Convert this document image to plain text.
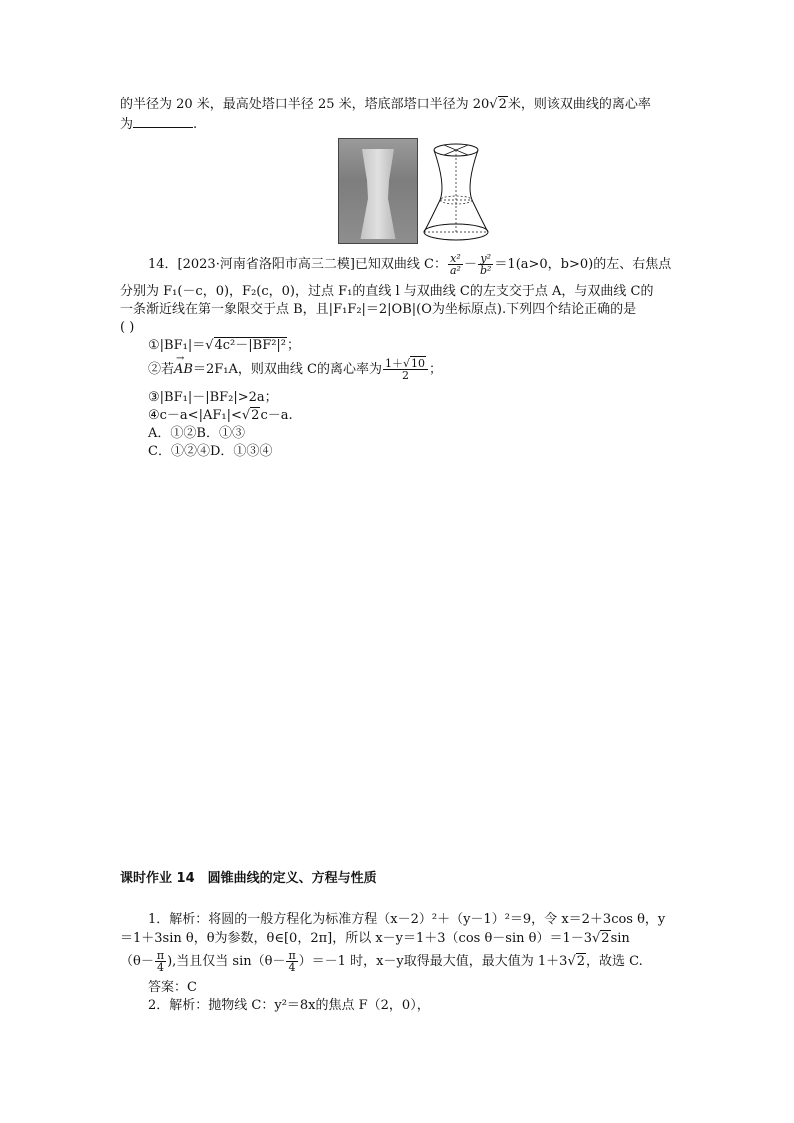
的半径为 20 米，最高处塔口半径 25 米，塔底部塔口半径为 20√2米，则该双曲线的离心率
为	.
14．[2023·河南省洛阳市高三二模]已知双曲线 C： $\frac{\text{x²}}{\text{a²}} - \frac{\text{y²}}{\text{b²}} =1(a>0$，b>0)的左、右焦点
分别为 F₁(－c，0)，F₂(c，0)，过点 F₁的直线 l 与双曲线 C的左支交于点 A，与双曲线 C的
一条渐近线在第一象限交于点 B，且|F₁F₂|＝2|OB|(O为坐标原点).下列四个结论正确的是
( )
①|BF₁|＝√4c²－|BF²|²；
②若
→
AB＝2F₁A，则双曲线 C的离心率为 $\frac{1+√10}{2}$ ；
③|BF₁|－|BF₂|>2a；
④c－a<|AF₁|<√2c－a.
A．①②B．①③
C．①②④D．①③④
课时作业 14　圆锥曲线的定义、方程与性质
1．解析：将圆的一般方程化为标准方程（x－2）²＋（y－1）²＝9，令 x＝2＋3cos θ，y
＝1＋3sin θ，θ为参数，θ∈[0，2π]，所以 x－y＝1＋3（cos θ－sin θ）＝1－3√2sin
（$\theta- \frac{\pi}{4}$ ),当且仅当 $\sin(\theta- \frac{\pi}{4} )=-1$ 时，x－y取得最大值，最大值为 1＋3√2，故选 C.
答案：C
2．解析：抛物线 C：y²＝8x的焦点 F（2，0），
